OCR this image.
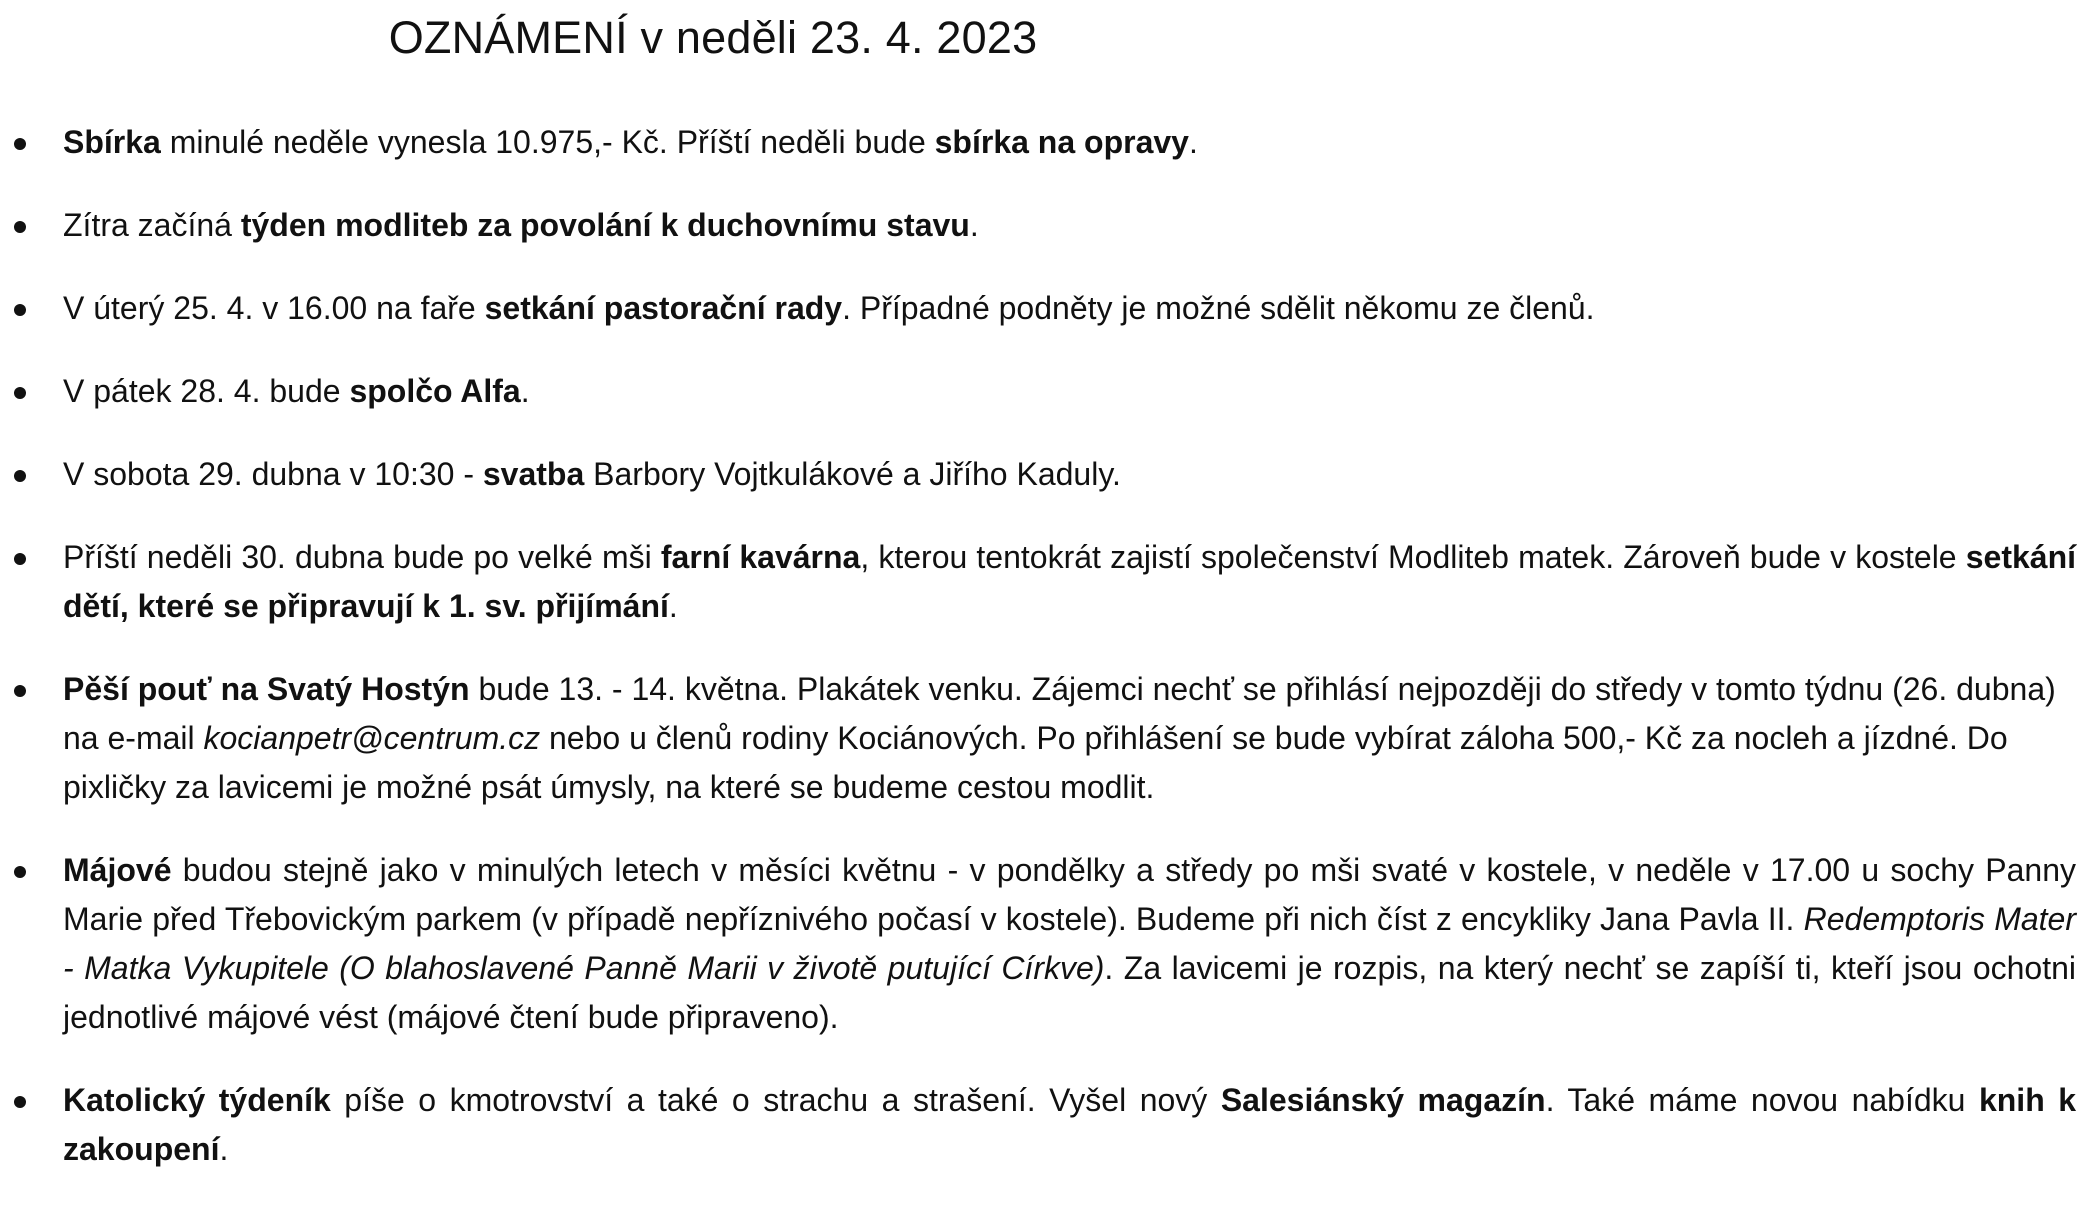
OZNÁMENÍ v neděli 23. 4. 2023
Sbírka minulé neděle vynesla 10.975,- Kč. Příští neděli bude sbírka na opravy.
Zítra začíná týden modliteb za povolání k duchovnímu stavu.
V úterý 25. 4. v 16.00 na faře setkání pastorační rady. Případné podněty je možné sdělit někomu ze členů.
V pátek 28. 4. bude spolčo Alfa.
V sobota 29. dubna v 10:30 - svatba Barbory Vojtkulákové a Jiřího Kaduly.
Příští neděli 30. dubna bude po velké mši farní kavárna, kterou tentokrát zajistí společenství Modliteb matek. Zároveň bude v kostele setkání dětí, které se připravují k 1. sv. přijímání.
Pěší pouť na Svatý Hostýn bude 13. - 14. května. Plakátek venku. Zájemci nechť se přihlásí nejpozději do středy v tomto týdnu (26. dubna) na e-mail kocianpetr@centrum.cz nebo u členů rodiny Kociánových. Po přihlášení se bude vybírat záloha 500,- Kč za nocleh a jízdné. Do pixličky za lavicemi je možné psát úmysly, na které se budeme cestou modlit.
Májové budou stejně jako v minulých letech v měsíci květnu - v pondělky a středy po mši svaté v kostele, v neděle v 17.00 u sochy Panny Marie před Třebovickým parkem (v případě nepříznivého počasí v kostele). Budeme při nich číst z encykliky Jana Pavla II. Redemptoris Mater - Matka Vykupitele (O blahoslavené Panně Marii v životě putující Církve). Za lavicemi je rozpis, na který nechť se zapíší ti, kteří jsou ochotni jednotlivé májové vést (májové čtení bude připraveno).
Katolický týdeník píše o kmotrovství a také o strachu a strašení. Vyšel nový Salesiánský magazín. Také máme novou nabídku knih k zakoupení.
